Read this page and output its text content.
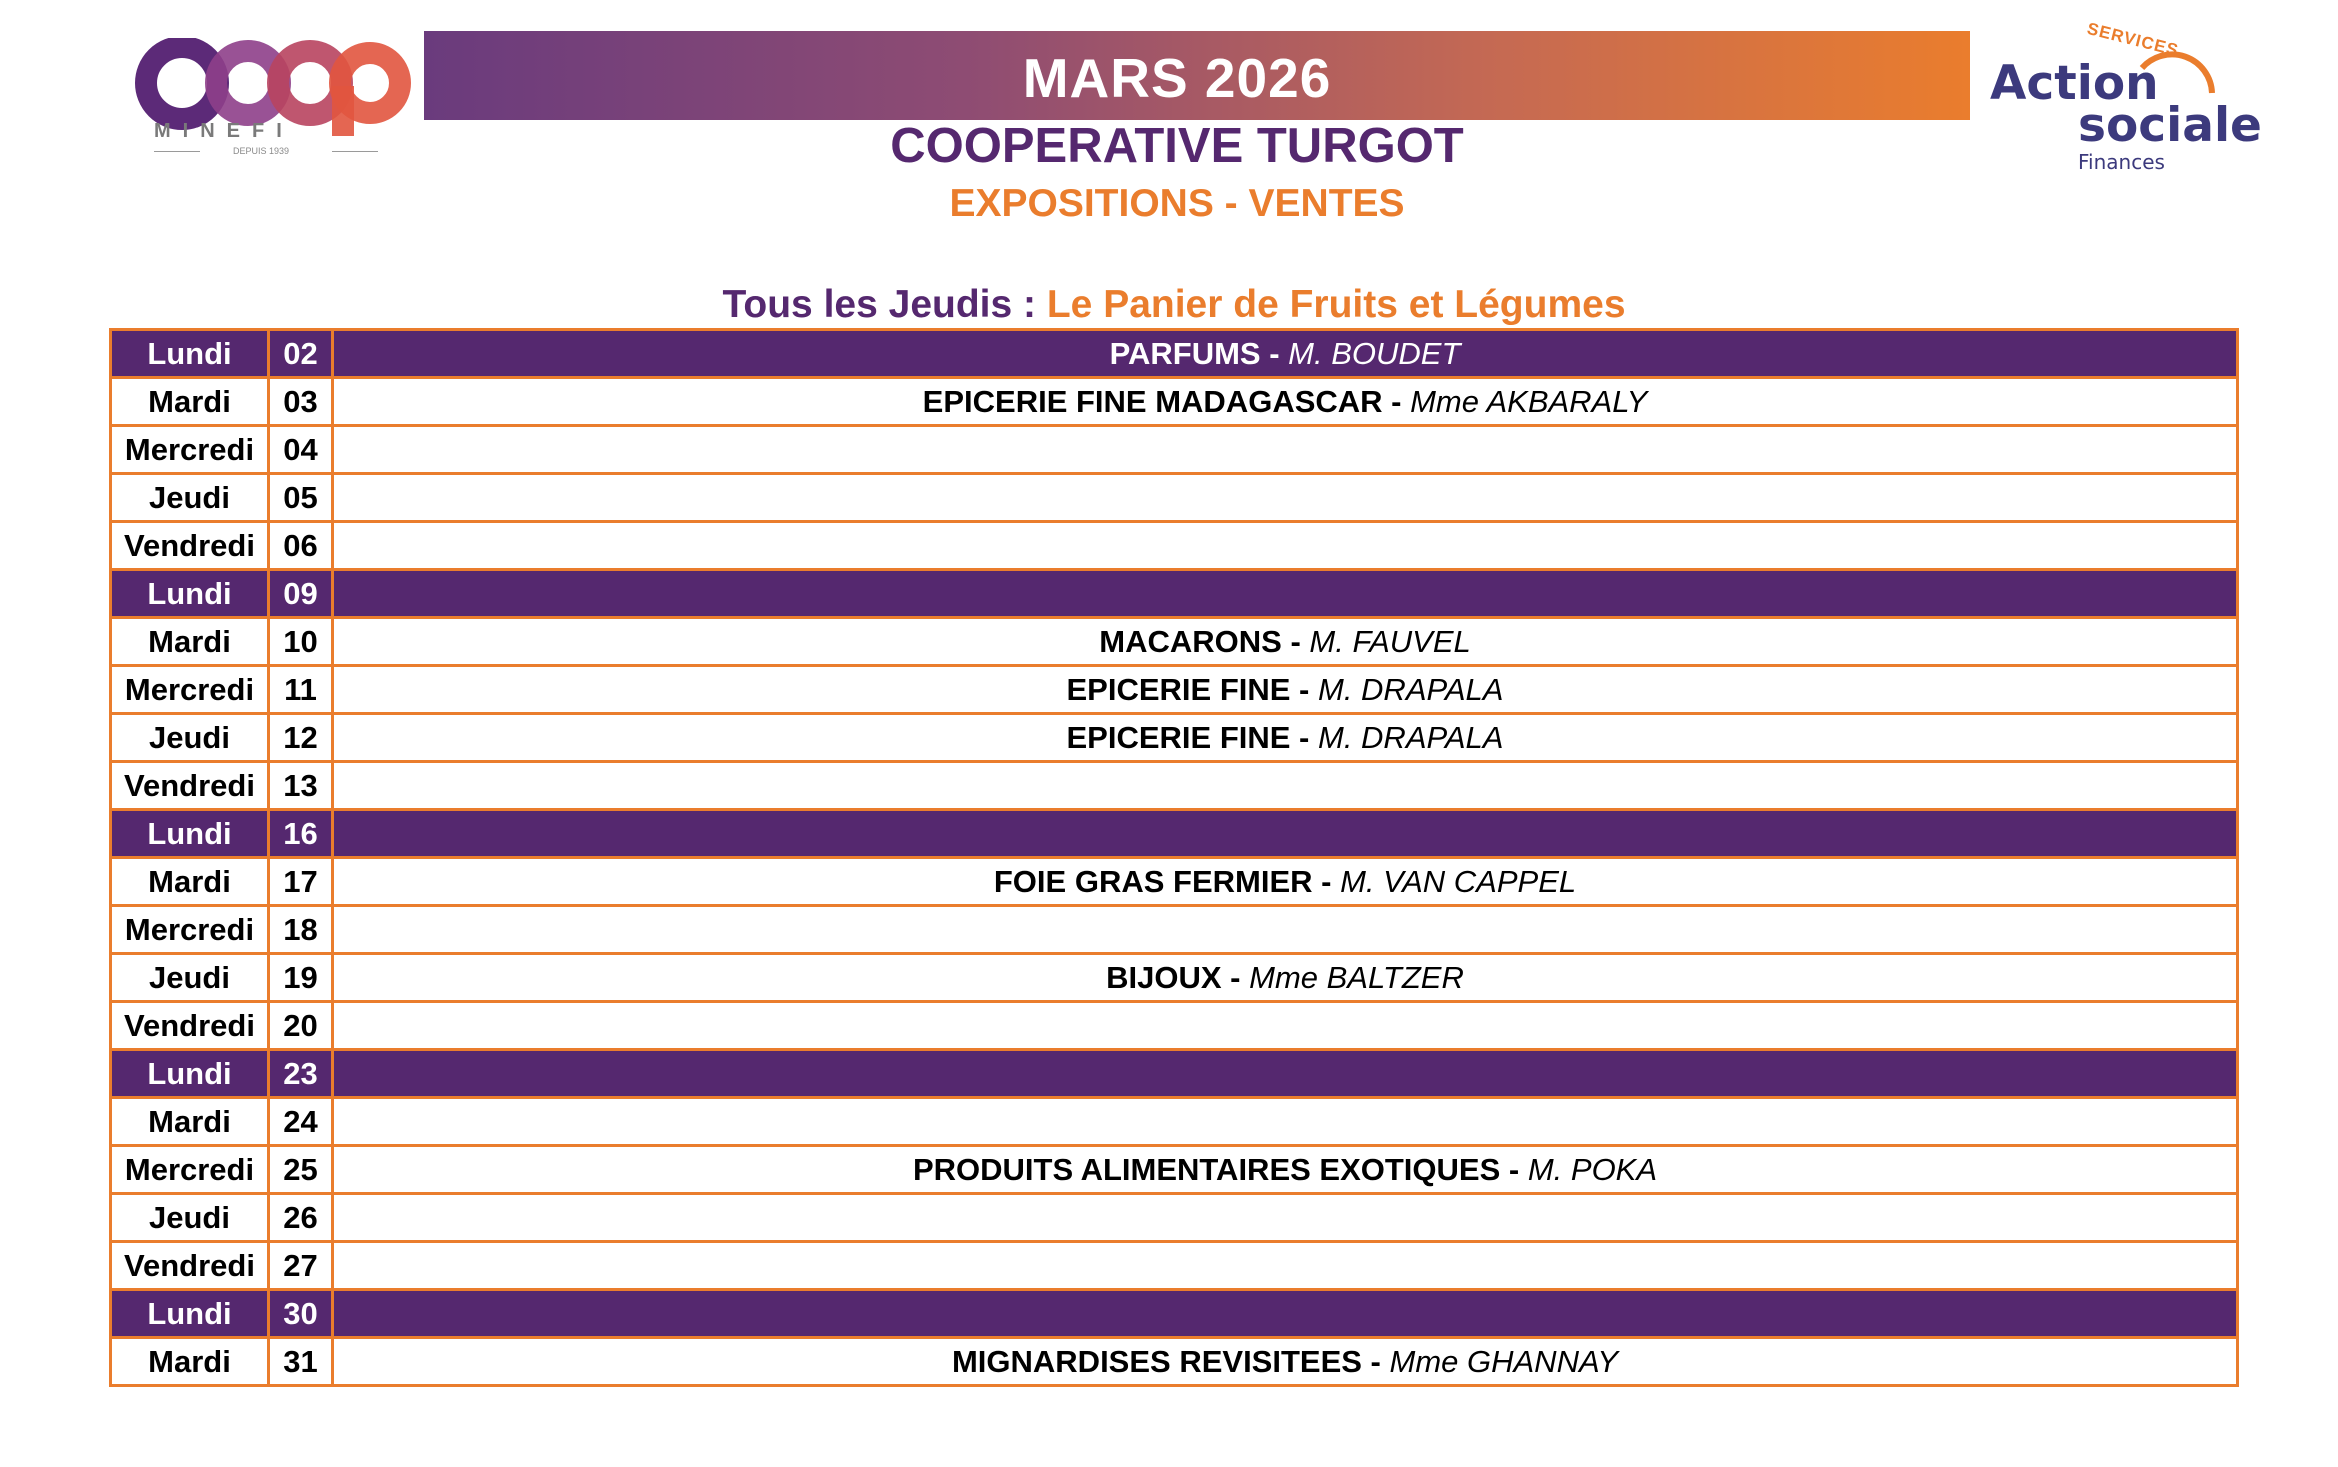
MINEFI
DEPUIS 1939
MARS 2026
COOPERATIVE TURGOT
EXPOSITIONS - VENTES
SERVICES
Action
sociale
Finances
Tous les Jeudis : Le Panier de Fruits et Légumes
Lundi	02	PARFUMS - M. BOUDET
Mardi	03	EPICERIE FINE MADAGASCAR - Mme AKBARALY
Mercredi	04	
Jeudi	05	
Vendredi	06	
Lundi	09	
Mardi	10	MACARONS - M. FAUVEL
Mercredi	11	EPICERIE FINE - M. DRAPALA
Jeudi	12	EPICERIE FINE - M. DRAPALA
Vendredi	13	
Lundi	16	
Mardi	17	FOIE GRAS FERMIER - M. VAN CAPPEL
Mercredi	18	
Jeudi	19	BIJOUX - Mme BALTZER
Vendredi	20	
Lundi	23	
Mardi	24	
Mercredi	25	PRODUITS ALIMENTAIRES EXOTIQUES - M. POKA
Jeudi	26	
Vendredi	27	
Lundi	30	
Mardi	31	MIGNARDISES REVISITEES - Mme GHANNAY
